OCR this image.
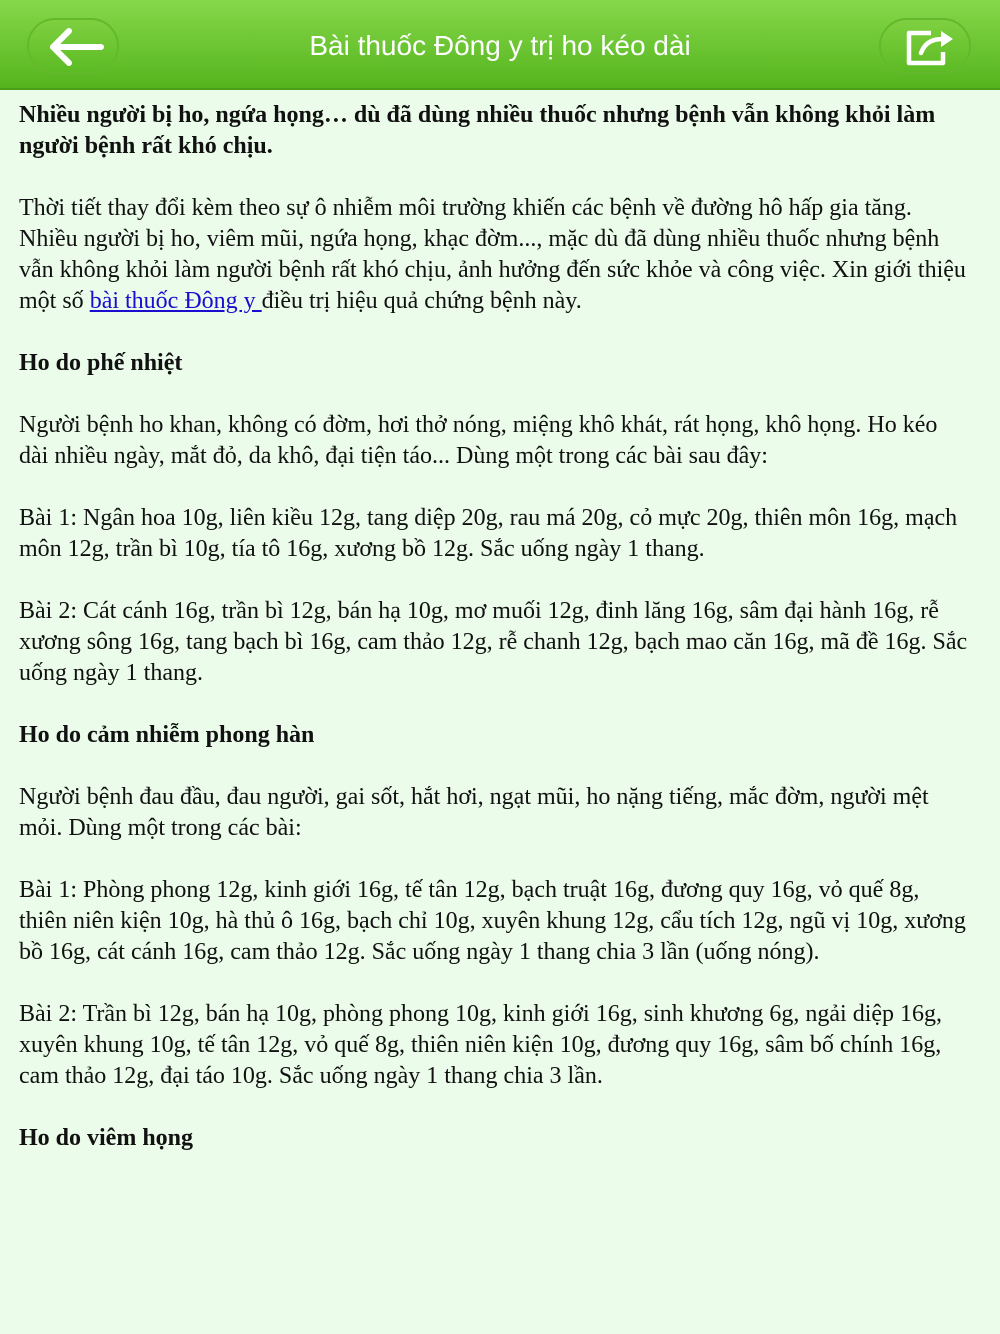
Bài thuốc Đông y trị ho kéo dài

Nhiều người bị ho, ngứa họng… dù đã dùng nhiều thuốc nhưng bệnh vẫn không khỏi làm người bệnh rất khó chịu.

Thời tiết thay đổi kèm theo sự ô nhiễm môi trường khiến các bệnh về đường hô hấp gia tăng. Nhiều người bị ho, viêm mũi, ngứa họng, khạc đờm..., mặc dù đã dùng nhiều thuốc nhưng bệnh vẫn không khỏi làm người bệnh rất khó chịu, ảnh hưởng đến sức khỏe và công việc. Xin giới thiệu một số bài thuốc Đông y điều trị hiệu quả chứng bệnh này.

Ho do phế nhiệt

Người bệnh ho khan, không có đờm, hơi thở nóng, miệng khô khát, rát họng, khô họng. Ho kéo dài nhiều ngày, mắt đỏ, da khô, đại tiện táo... Dùng một trong các bài sau đây:

Bài 1: Ngân hoa 10g, liên kiều 12g, tang diệp 20g, rau má 20g, cỏ mực 20g, thiên môn 16g, mạch môn 12g, trần bì 10g, tía tô 16g, xương bồ 12g. Sắc uống ngày 1 thang.

Bài 2: Cát cánh 16g, trần bì 12g, bán hạ 10g, mơ muối 12g, đinh lăng 16g, sâm đại hành 16g, rễ xương sông 16g, tang bạch bì 16g, cam thảo 12g, rễ chanh 12g, bạch mao căn 16g, mã đề 16g. Sắc uống ngày 1 thang.

Ho do cảm nhiễm phong hàn

Người bệnh đau đầu, đau người, gai sốt, hắt hơi, ngạt mũi, ho nặng tiếng, mắc đờm, người mệt mỏi. Dùng một trong các bài:

Bài 1: Phòng phong 12g, kinh giới 16g, tế tân 12g, bạch truật 16g, đương quy 16g, vỏ quế 8g, thiên niên kiện 10g, hà thủ ô 16g, bạch chỉ 10g, xuyên khung 12g, cẩu tích 12g, ngũ vị 10g, xương bồ 16g, cát cánh 16g, cam thảo 12g. Sắc uống ngày 1 thang chia 3 lần (uống nóng).

Bài 2: Trần bì 12g, bán hạ 10g, phòng phong 10g, kinh giới 16g, sinh khương 6g, ngải diệp 16g, xuyên khung 10g, tế tân 12g, vỏ quế 8g, thiên niên kiện 10g, đương quy 16g, sâm bố chính 16g, cam thảo 12g, đại táo 10g. Sắc uống ngày 1 thang chia 3 lần.

Ho do viêm họng
